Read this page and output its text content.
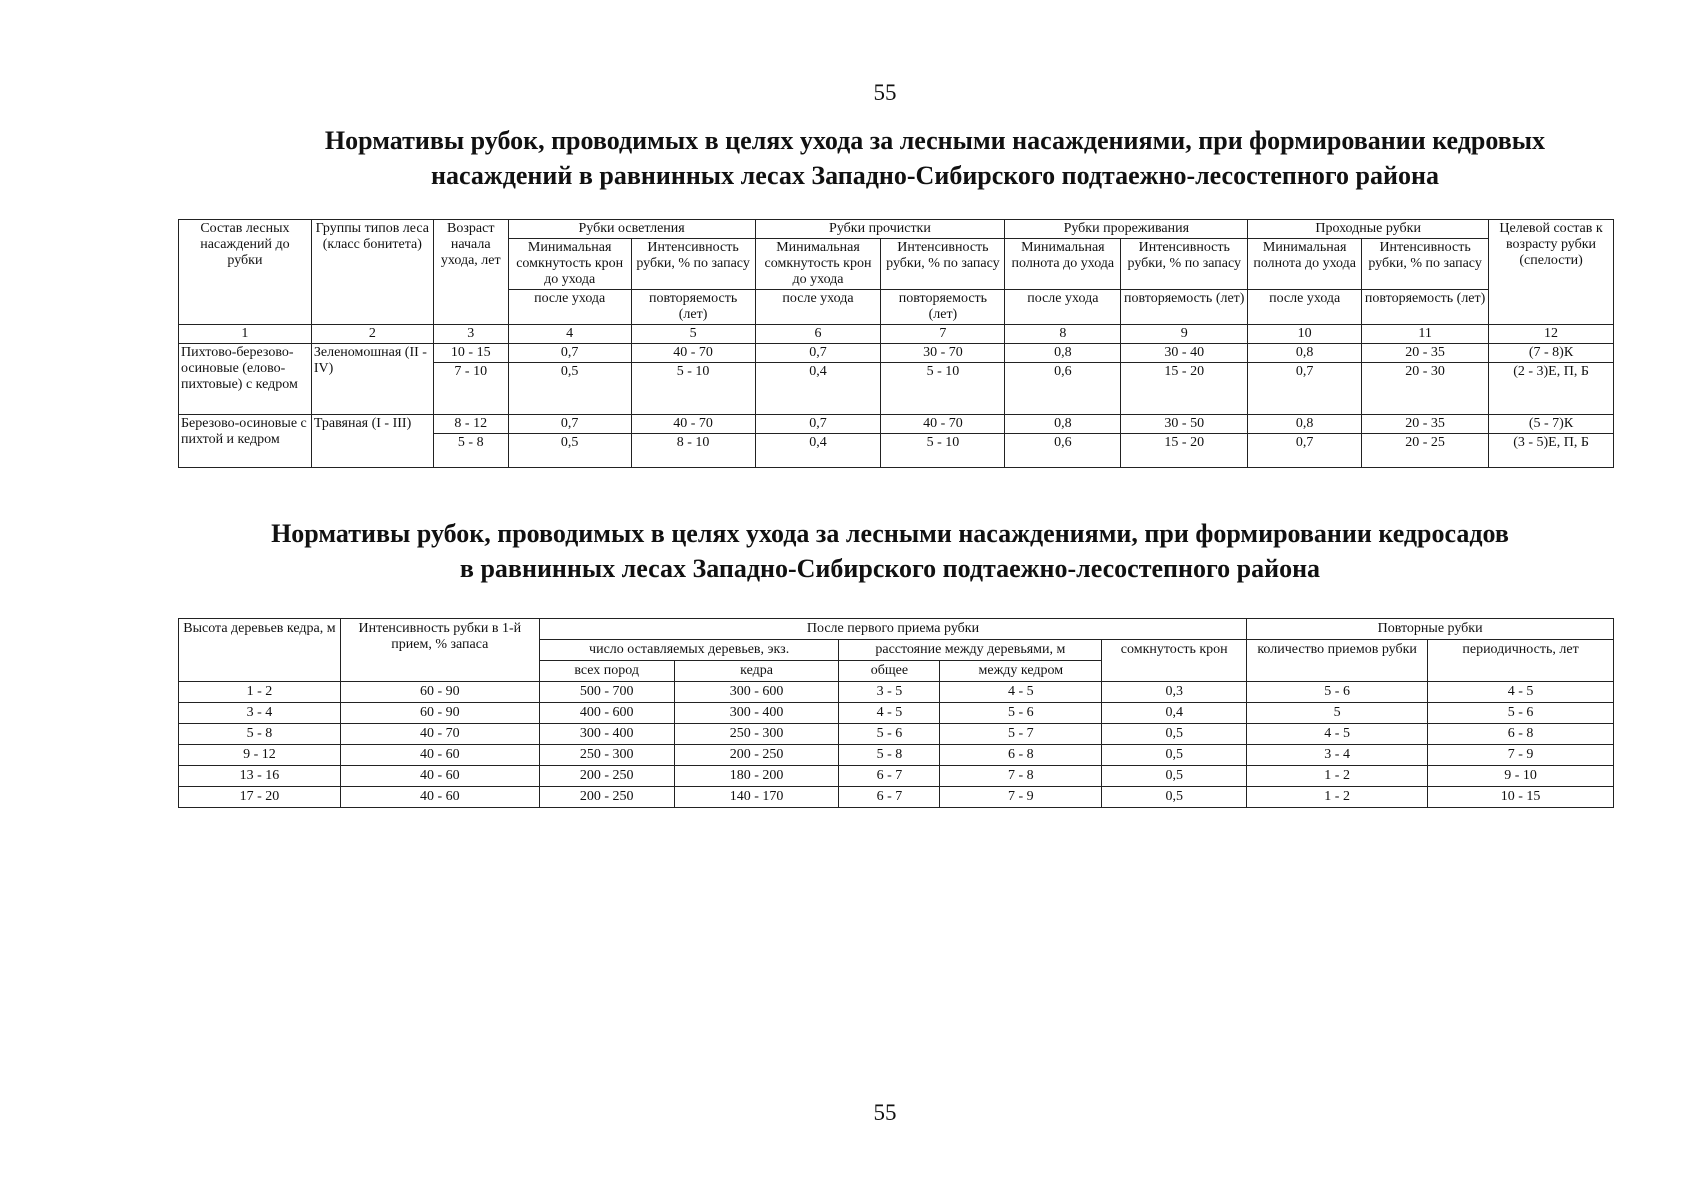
55
Нормативы рубок, проводимых в целях ухода за лесными насаждениями, при формировании кедровых
насаждений в равнинных лесах Западно-Сибирского подтаежно-лесостепного района
Состав лесных насаждений до рубки	Группы типов леса (класс бонитета)	Возраст начала ухода, лет	Рубки осветления		Рубки прочистки		Рубки прореживания		Проходные рубки		Целевой состав к возрасту рубки (спелости)
			Минимальная сомкнутость крон до ухода	Интенсивность рубки, % по запасу	Минимальная сомкнутость крон до ухода	Интенсивность рубки, % по запасу	Минимальная полнота до ухода	Интенсивность рубки, % по запасу	Минимальная полнота до ухода	Интенсивность рубки, % по запасу	
			после ухода	повторяемость (лет)	после ухода	повторяемость (лет)	после ухода	повторяемость (лет)	после ухода	повторяемость (лет)	
1	2	3	4	5	6	7	8	9	10	11	12
Пихтово-березово-осиновые (елово-пихтовые) с кедром	Зеленомошная (II - IV)	10 - 15	0,7	40 - 70	0,7	30 - 70	0,8	30 - 40	0,8	20 - 35	(7 - 8)К
		7 - 10	0,5	5 - 10	0,4	5 - 10	0,6	15 - 20	0,7	20 - 30	(2 - 3)Е, П, Б
Березово-осиновые с пихтой и кедром	Травяная (I - III)	8 - 12	0,7	40 - 70	0,7	40 - 70	0,8	30 - 50	0,8	20 - 35	(5 - 7)К
		5 - 8	0,5	8 - 10	0,4	5 - 10	0,6	15 - 20	0,7	20 - 25	(3 - 5)Е, П, Б
Нормативы рубок, проводимых в целях ухода за лесными насаждениями, при формировании кедросадов
в равнинных лесах Западно-Сибирского подтаежно-лесостепного района
Высота деревьев кедра, м	Интенсивность рубки в 1-й прием, % запаса	После первого приема рубки					Повторные рубки	
		число оставляемых деревьев, экз.		расстояние между деревьями, м		сомкнутость крон	количество приемов рубки	периодичность, лет
		всех пород	кедра	общее	между кедром			
1 - 2	60 - 90	500 - 700	300 - 600	3 - 5	4 - 5	0,3	5 - 6	4 - 5
3 - 4	60 - 90	400 - 600	300 - 400	4 - 5	5 - 6	0,4	5	5 - 6
5 - 8	40 - 70	300 - 400	250 - 300	5 - 6	5 - 7	0,5	4 - 5	6 - 8
9 - 12	40 - 60	250 - 300	200 - 250	5 - 8	6 - 8	0,5	3 - 4	7 - 9
13 - 16	40 - 60	200 - 250	180 - 200	6 - 7	7 - 8	0,5	1 - 2	9 - 10
17 - 20	40 - 60	200 - 250	140 - 170	6 - 7	7 - 9	0,5	1 - 2	10 - 15
55
